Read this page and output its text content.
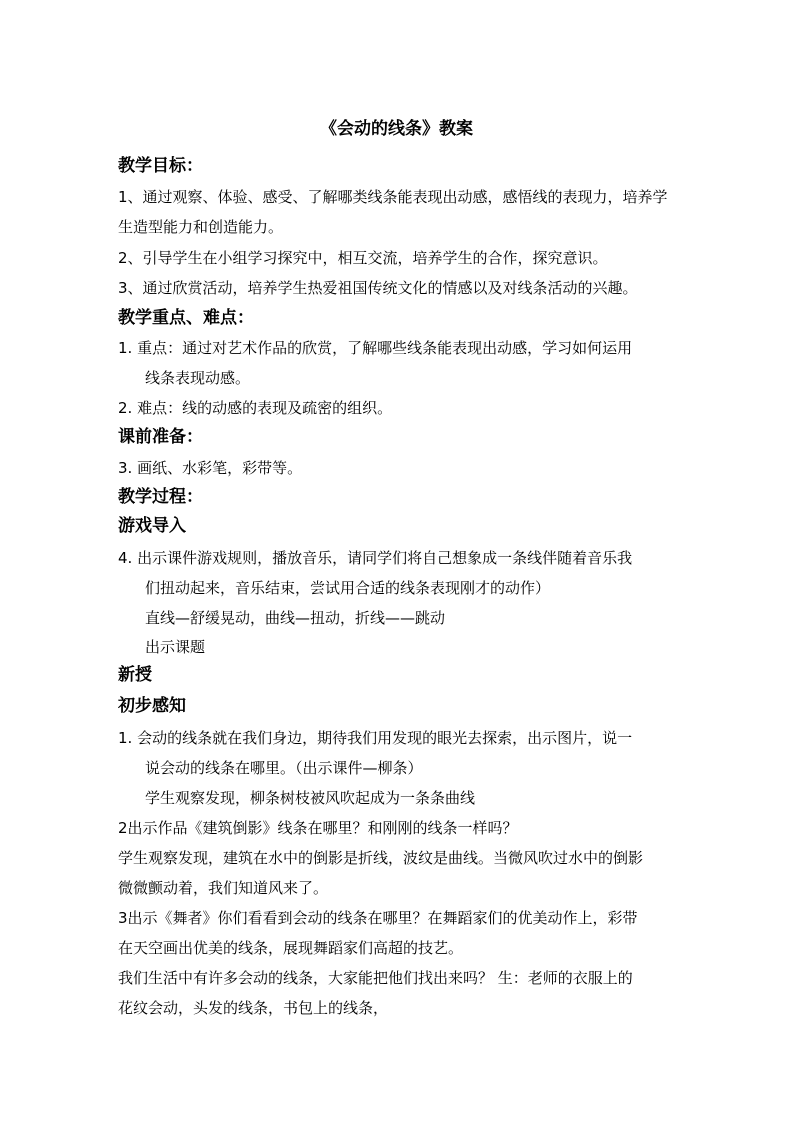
《会动的线条》教案
教学目标：
1、通过观察、体验、感受、了解哪类线条能表现出动感，感悟线的表现力，培养学
生造型能力和创造能力。
2、引导学生在小组学习探究中，相互交流，培养学生的合作，探究意识。
3、通过欣赏活动，培养学生热爱祖国传统文化的情感以及对线条活动的兴趣。
教学重点、难点：
1. 重点：通过对艺术作品的欣赏，了解哪些线条能表现出动感，学习如何运用
线条表现动感。
2. 难点：线的动感的表现及疏密的组织。
课前准备：
3. 画纸、水彩笔，彩带等。
教学过程：
游戏导入
4. 出示课件游戏规则，播放音乐，请同学们将自己想象成一条线伴随着音乐我
们扭动起来，音乐结束，尝试用合适的线条表现刚才的动作）
直线—舒缓晃动，曲线—扭动，折线——跳动
出示课题
新授
初步感知
1. 会动的线条就在我们身边，期待我们用发现的眼光去探索，出示图片，说一
说会动的线条在哪里。（出示课件—柳条）
学生观察发现，柳条树枝被风吹起成为一条条曲线
2出示作品《建筑倒影》线条在哪里？和刚刚的线条一样吗？
学生观察发现，建筑在水中的倒影是折线，波纹是曲线。当微风吹过水中的倒影
微微颤动着，我们知道风来了。
3出示《舞者》你们看看到会动的线条在哪里？在舞蹈家们的优美动作上，彩带
在天空画出优美的线条，展现舞蹈家们高超的技艺。
我们生活中有许多会动的线条，大家能把他们找出来吗？ 生：老师的衣服上的
花纹会动，头发的线条，书包上的线条，
